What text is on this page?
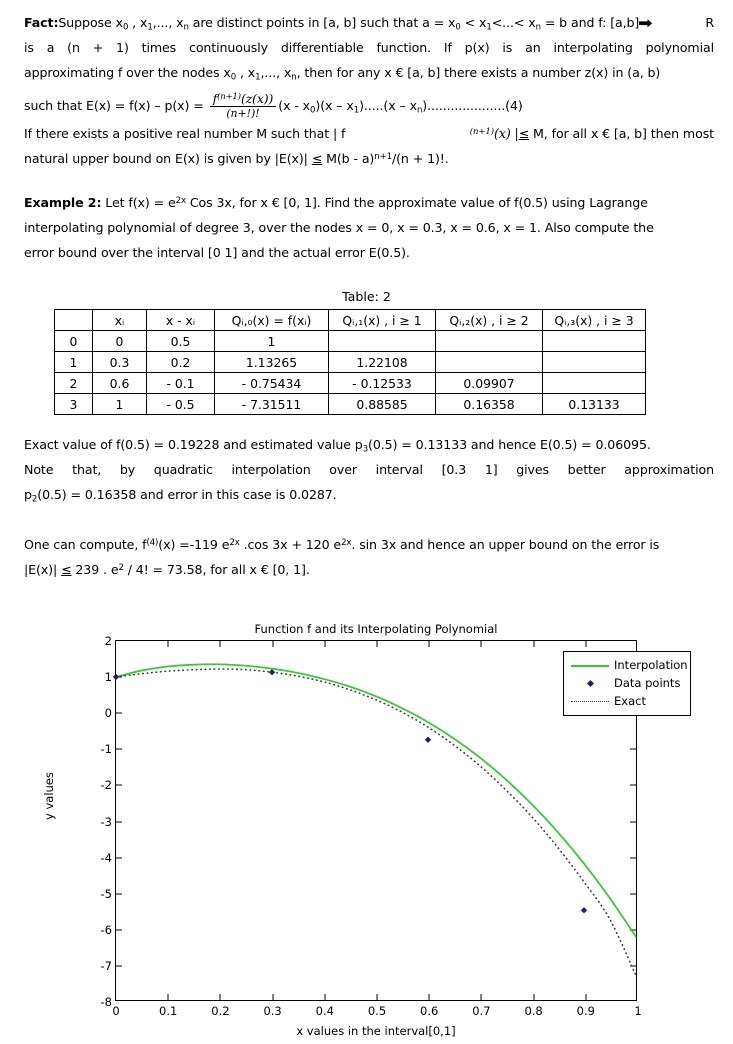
Fact:Suppose $x_0$ , $x_1$,..., $x_n$ are distinct points in [a, b] such that $a = x_0 < x_1<...< x_n = b$ and f: [a,b]➡	R
is a (n + 1) times continuously differentiable function. If p(x) is an interpolating polynomial
approximating f over the nodes $x_0$ , $x_1$,..., $x_n$, then for any x € [a, b] there exists a number z(x) in (a, b)
such that $E(x) = f(x) - p(x) = \frac{f^{(n+1)}(z(x))}{(n+!)!} (x - x_0)(x - x_1).....(x - x_n)....................(4)$
If there exists a positive real number M such that | f	$^{(n+1)}$(x) |≤ M, for all x € [a, b] then most
natural upper bound on E(x) is given by |E(x)| ≤ M(b - a)$^{n+1}$/(n + 1)!.
Example 2: Let $f(x) = e^{2x}$ Cos 3x, for x € [0, 1]. Find the approximate value of f(0.5) using Lagrange
interpolating polynomial of degree 3, over the nodes x = 0, x = 0.3, x = 0.6, x = 1. Also compute the
error bound over the interval [0 1] and the actual error E(0.5).
Table: 2
	xᵢ	x - xᵢ	Qᵢ,₀(x) = f(xᵢ)	Qᵢ,₁(x) , i ≥ 1	Qᵢ,₂(x) , i ≥ 2	Qᵢ,₃(x) , i ≥ 3
0	0	0.5	1			
1	0.3	0.2	1.13265	1.22108		
2	0.6	- 0.1	- 0.75434	- 0.12533	0.09907	
3	1	- 0.5	- 7.31511	0.88585	0.16358	0.13133
Exact value of f(0.5) = 0.19228 and estimated value $p_3(0.5) = 0.13133$ and hence E(0.5) = 0.06095.
Note that, by quadratic interpolation over interval [0.3 1] gives better approximation
$p_2(0.5) = 0.16358$ and error in this case is 0.0287.
One can compute, $f^{(4)}(x) =-119$ $e^{2x}$ .cos 3x + 120 $e^{2x}$. sin 3x and hence an upper bound on the error is
|E(x)| ≤ 239 . $e^2 / 4$! = 73.58, for all x € [0, 1].
Function f and its Interpolating Polynomial
y values
2
1
0
-1
-2
-3
-4
-5
-6
-7
-8
0	0.1	0.2	0.3	0.4	0.5	0.6	0.7	0.8	0.9	1
Interpolation
Data points
Exact
x values in the interval[0,1]
